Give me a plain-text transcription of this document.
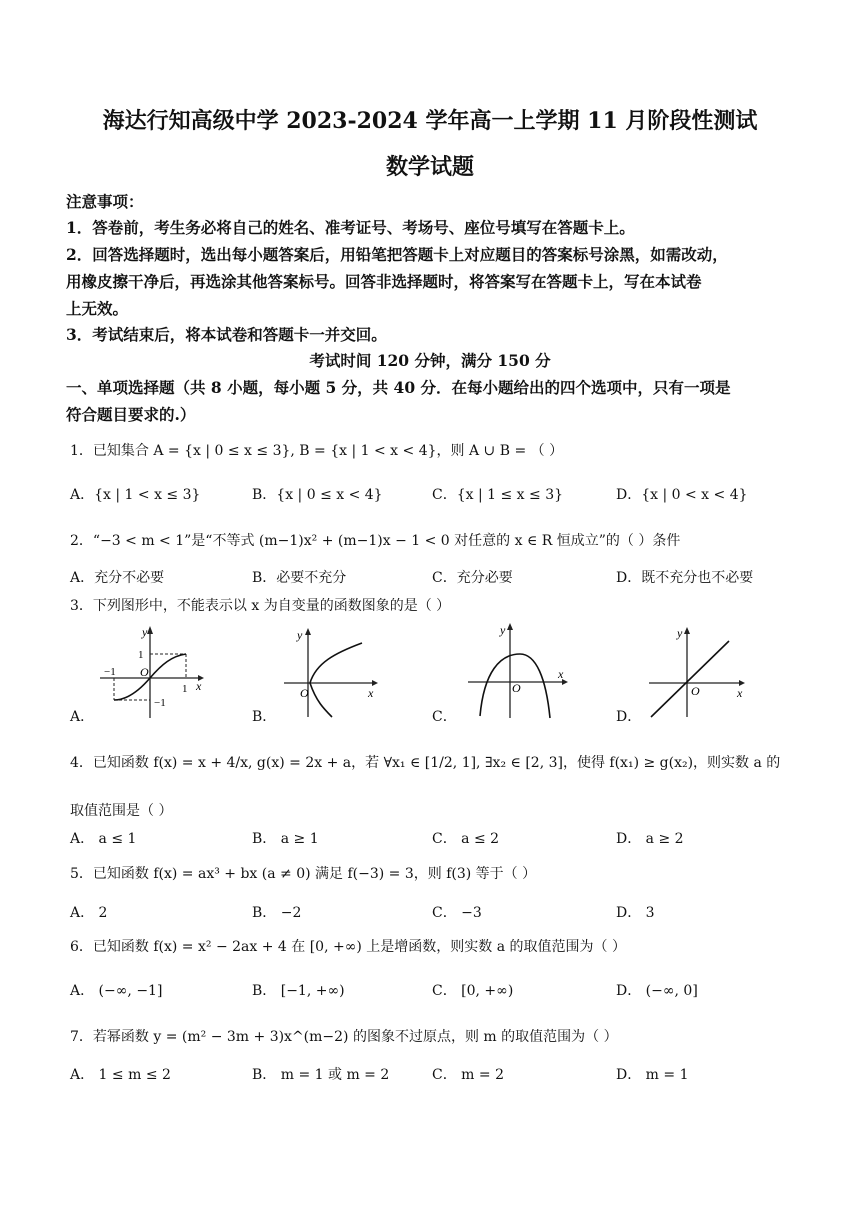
海达行知高级中学 2023-2024 学年高一上学期 11 月阶段性测试
数学试题
注意事项：
1．答卷前，考生务必将自己的姓名、准考证号、考场号、座位号填写在答题卡上。
2．回答选择题时，选出每小题答案后，用铅笔把答题卡上对应题目的答案标号涂黑，如需改动，
用橡皮擦干净后，再选涂其他答案标号。回答非选择题时，将答案写在答题卡上，写在本试卷
上无效。
3．考试结束后，将本试卷和答题卡一并交回。
考试时间 120 分钟，满分 150 分
一、单项选择题（共 8 小题，每小题 5 分，共 40 分．在每小题给出的四个选项中，只有一项是
符合题目要求的.）
1．已知集合 A = {x | 0 ≤ x ≤ 3}, B = {x | 1 < x < 4}，则 A ∪ B = （ ）
A．{x | 1 < x ≤ 3}	B．{x | 0 ≤ x < 4}	C．{x | 1 ≤ x ≤ 3}	D．{x | 0 < x < 4}
2．“−3 < m < 1”是“不等式 (m−1)x² + (m−1)x − 1 < 0 对任意的 x ∈ R 恒成立”的（ ）条件
A．充分不必要	B．必要不充分	C．充分必要	D．既不充分也不必要
3．下列图形中，不能表示以 x 为自变量的函数图象的是（ ）
A．	B．	C．	D．
y
x
O
1
1
−1
−1
y
x
O
y
x
O
y
x
O
4．已知函数 f(x) = x + 4/x, g(x) = 2x + a，若 ∀x₁ ∈ [1/2, 1], ∃x₂ ∈ [2, 3]，使得 f(x₁) ≥ g(x₂)，则实数 a 的
取值范围是（ ）
A． a ≤ 1	B． a ≥ 1	C． a ≤ 2	D． a ≥ 2
5．已知函数 f(x) = ax³ + bx (a ≠ 0) 满足 f(−3) = 3，则 f(3) 等于（ ）
A． 2	B． −2	C． −3	D． 3
6．已知函数 f(x) = x² − 2ax + 4 在 [0, +∞) 上是增函数，则实数 a 的取值范围为（ ）
A． (−∞, −1]	B． [−1, +∞)	C． [0, +∞)	D． (−∞, 0]
7．若幂函数 y = (m² − 3m + 3)x^(m−2) 的图象不过原点，则 m 的取值范围为（ ）
A． 1 ≤ m ≤ 2	B． m = 1 或 m = 2	C． m = 2	D． m = 1
